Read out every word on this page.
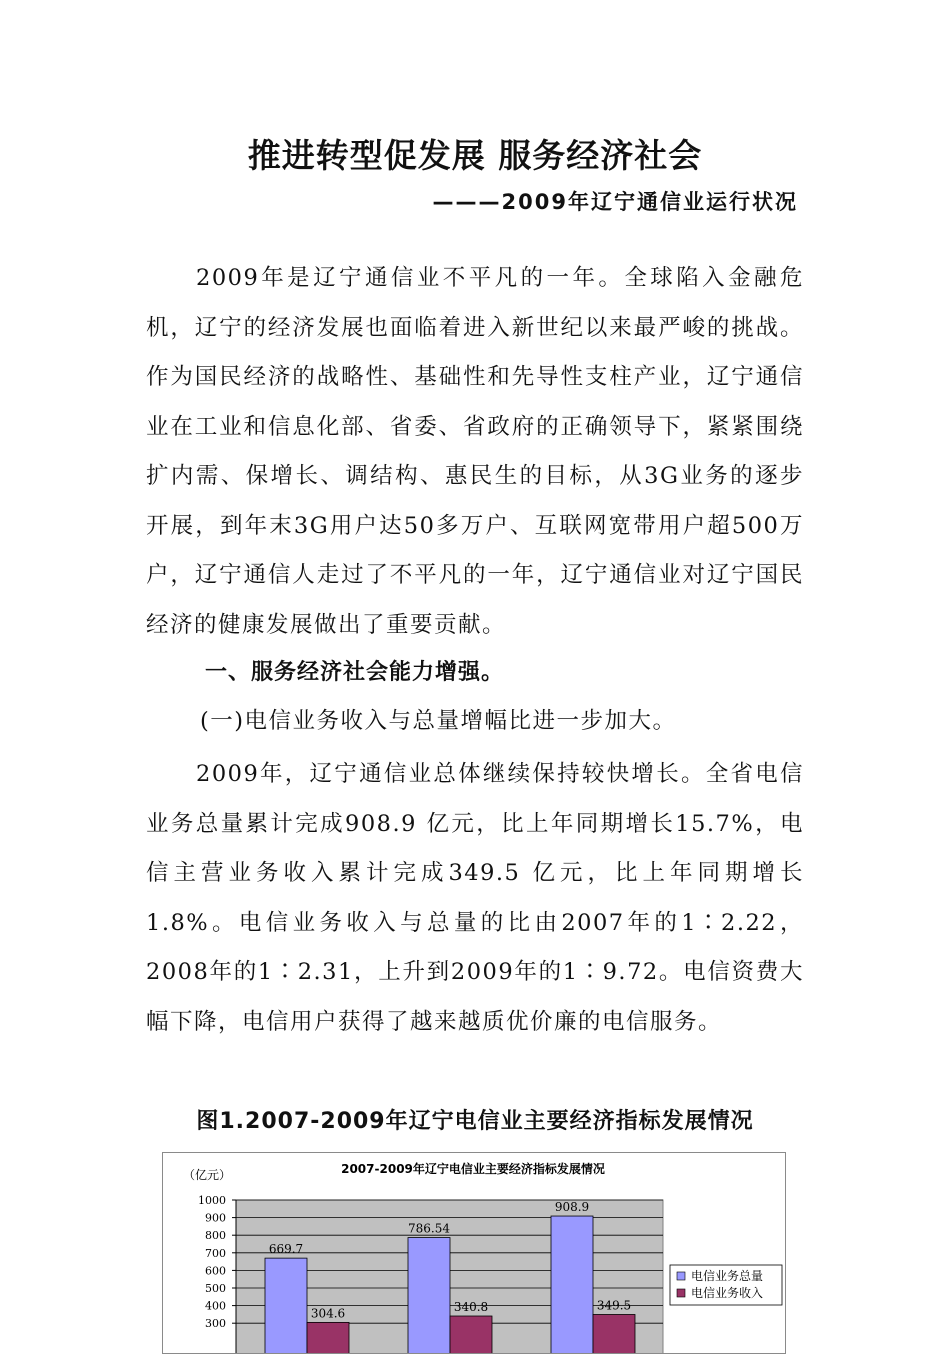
推进转型促发展 服务经济社会
———2009年辽宁通信业运行状况

2009年是辽宁通信业不平凡的一年。全球陷入金融危机，辽宁的经济发展也面临着进入新世纪以来最严峻的挑战。作为国民经济的战略性、基础性和先导性支柱产业，辽宁通信业在工业和信息化部、省委、省政府的正确领导下，紧紧围绕扩内需、保增长、调结构、惠民生的目标，从3G业务的逐步开展，到年末3G用户达50多万户、互联网宽带用户超500万户，辽宁通信人走过了不平凡的一年，辽宁通信业对辽宁国民经济的健康发展做出了重要贡献。

一、服务经济社会能力增强。
(一)电信业务收入与总量增幅比进一步加大。

2009年，辽宁通信业总体继续保持较快增长。全省电信业务总量累计完成908.9 亿元，比上年同期增长15.7%，电信主营业务收入累计完成349.5 亿元，比上年同期增长1.8%。电信业务收入与总量的比由2007年的1∶2.22，2008年的1∶2.31，上升到2009年的1∶9.72。电信资费大幅下降，电信用户获得了越来越质优价廉的电信服务。

图1.2007-2009年辽宁电信业主要经济指标发展情况
2007-2009年辽宁电信业主要经济指标发展情况
（亿元）
1000
900
800
700
600
500
400
300
669.7
786.54
908.9
304.6	340.8	349.5
电信业务总量
电信业务收入
